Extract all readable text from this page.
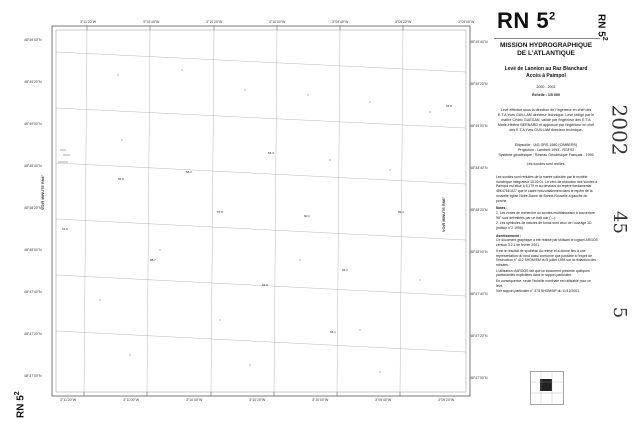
54.8
56.3
58.2
56.9
61.5
57.8
60.1
59.4
63.2
62.0
3°11'20"W	3°10'40"W	3°10'20"W	3°10'00"W	3°09'40"W	3°09'20"W	3°09'00"W
3°11'20"W	3°11'00"W	3°10'40"W	3°10'20"W	3°10'00"W	3°09'40"W	3°09'20"W
48°49'40"N
48°49'20"N
48°49'00"N
48°48'40"N
48°48'20"N
48°48'00"N
48°47'40"N
48°47'20"N
48°47'00"N
48°49'40"N
48°49'20"N
48°49'00"N
48°48'40"N
48°48'20"N
48°48'00"N
48°47'40"N
48°47'20"N
48°47'00"N
VOIR MINUTE RN4²
VOIR MINUTE RN6²
RN $5^2$	RN $5^2$
RN $5^2$
MISSION HYDROGRAPHIQUE
DE L'ATLANTIQUE
Levé de Lannion au Raz Blanchard
Accès à Paimpol
2000 - 2001
Échelle : 1/5 000
Levé effectué sous la direction de l'Ingénieur en chef des E.T.A Yves GUILLAM directeur technique. Levé rédigé par le maître Cédric GUEGAN, validé par l'ingénieur des E.T.A Marie-Hélène BERNARD et approuvé par l'ingénieur en chef des E.T.A Yves GUILLAM directeur technique.
Ellipsoïde : IAG GRS 1980 (CIMBERS)
Projection : Lambert 1993 - RGF93
Système géodésique : Réseau Géodésique Français - 1993
Les sondes sont réelles.

Les sondes sont réduites de la marée calculée par le modèle numérique intégrateur 10.00.01. Le zéro de réduction des sondes à Paimpol est situé à 5,179 m au dessous du repère fondamental 45K47610J27 que le cadre horizontalement dans le repère de la nouvelle église Notre-Dame de Bonne-Nouvelle à gauche du porche.

Notes :

1. Les zones de recherche ou sondes multifaisceaux à couverture 95° sont délimitées par un trait noir (---).

2. Les symboles de natures de fonds sont ceux de l'ouvrage 1D (édition n°2 1996).

Avertissement :

Ce document graphique a été réalisé par utilisant le logiciel ARGOS version 3.2.1 de février 2001.

Il est le résultat de synthèse du relevé et a donné lieu à une représentation du fond aussi conforme que possible à l'esprit de l'instruction n° 412 SHOM/EM du 5 juillet 1994 sur la rédaction des minutes.

L'utilisation d'ARGOS fait que ce document présente quelques particularités explicitées dans le rapport particulier.

En conséquence, seule l'échelle nominale est utilisable pour ce levé.

Voir rapport particulier n° 375 SHOM/NP du 11/12/2001.

2002
45
5
58.7
64.1
